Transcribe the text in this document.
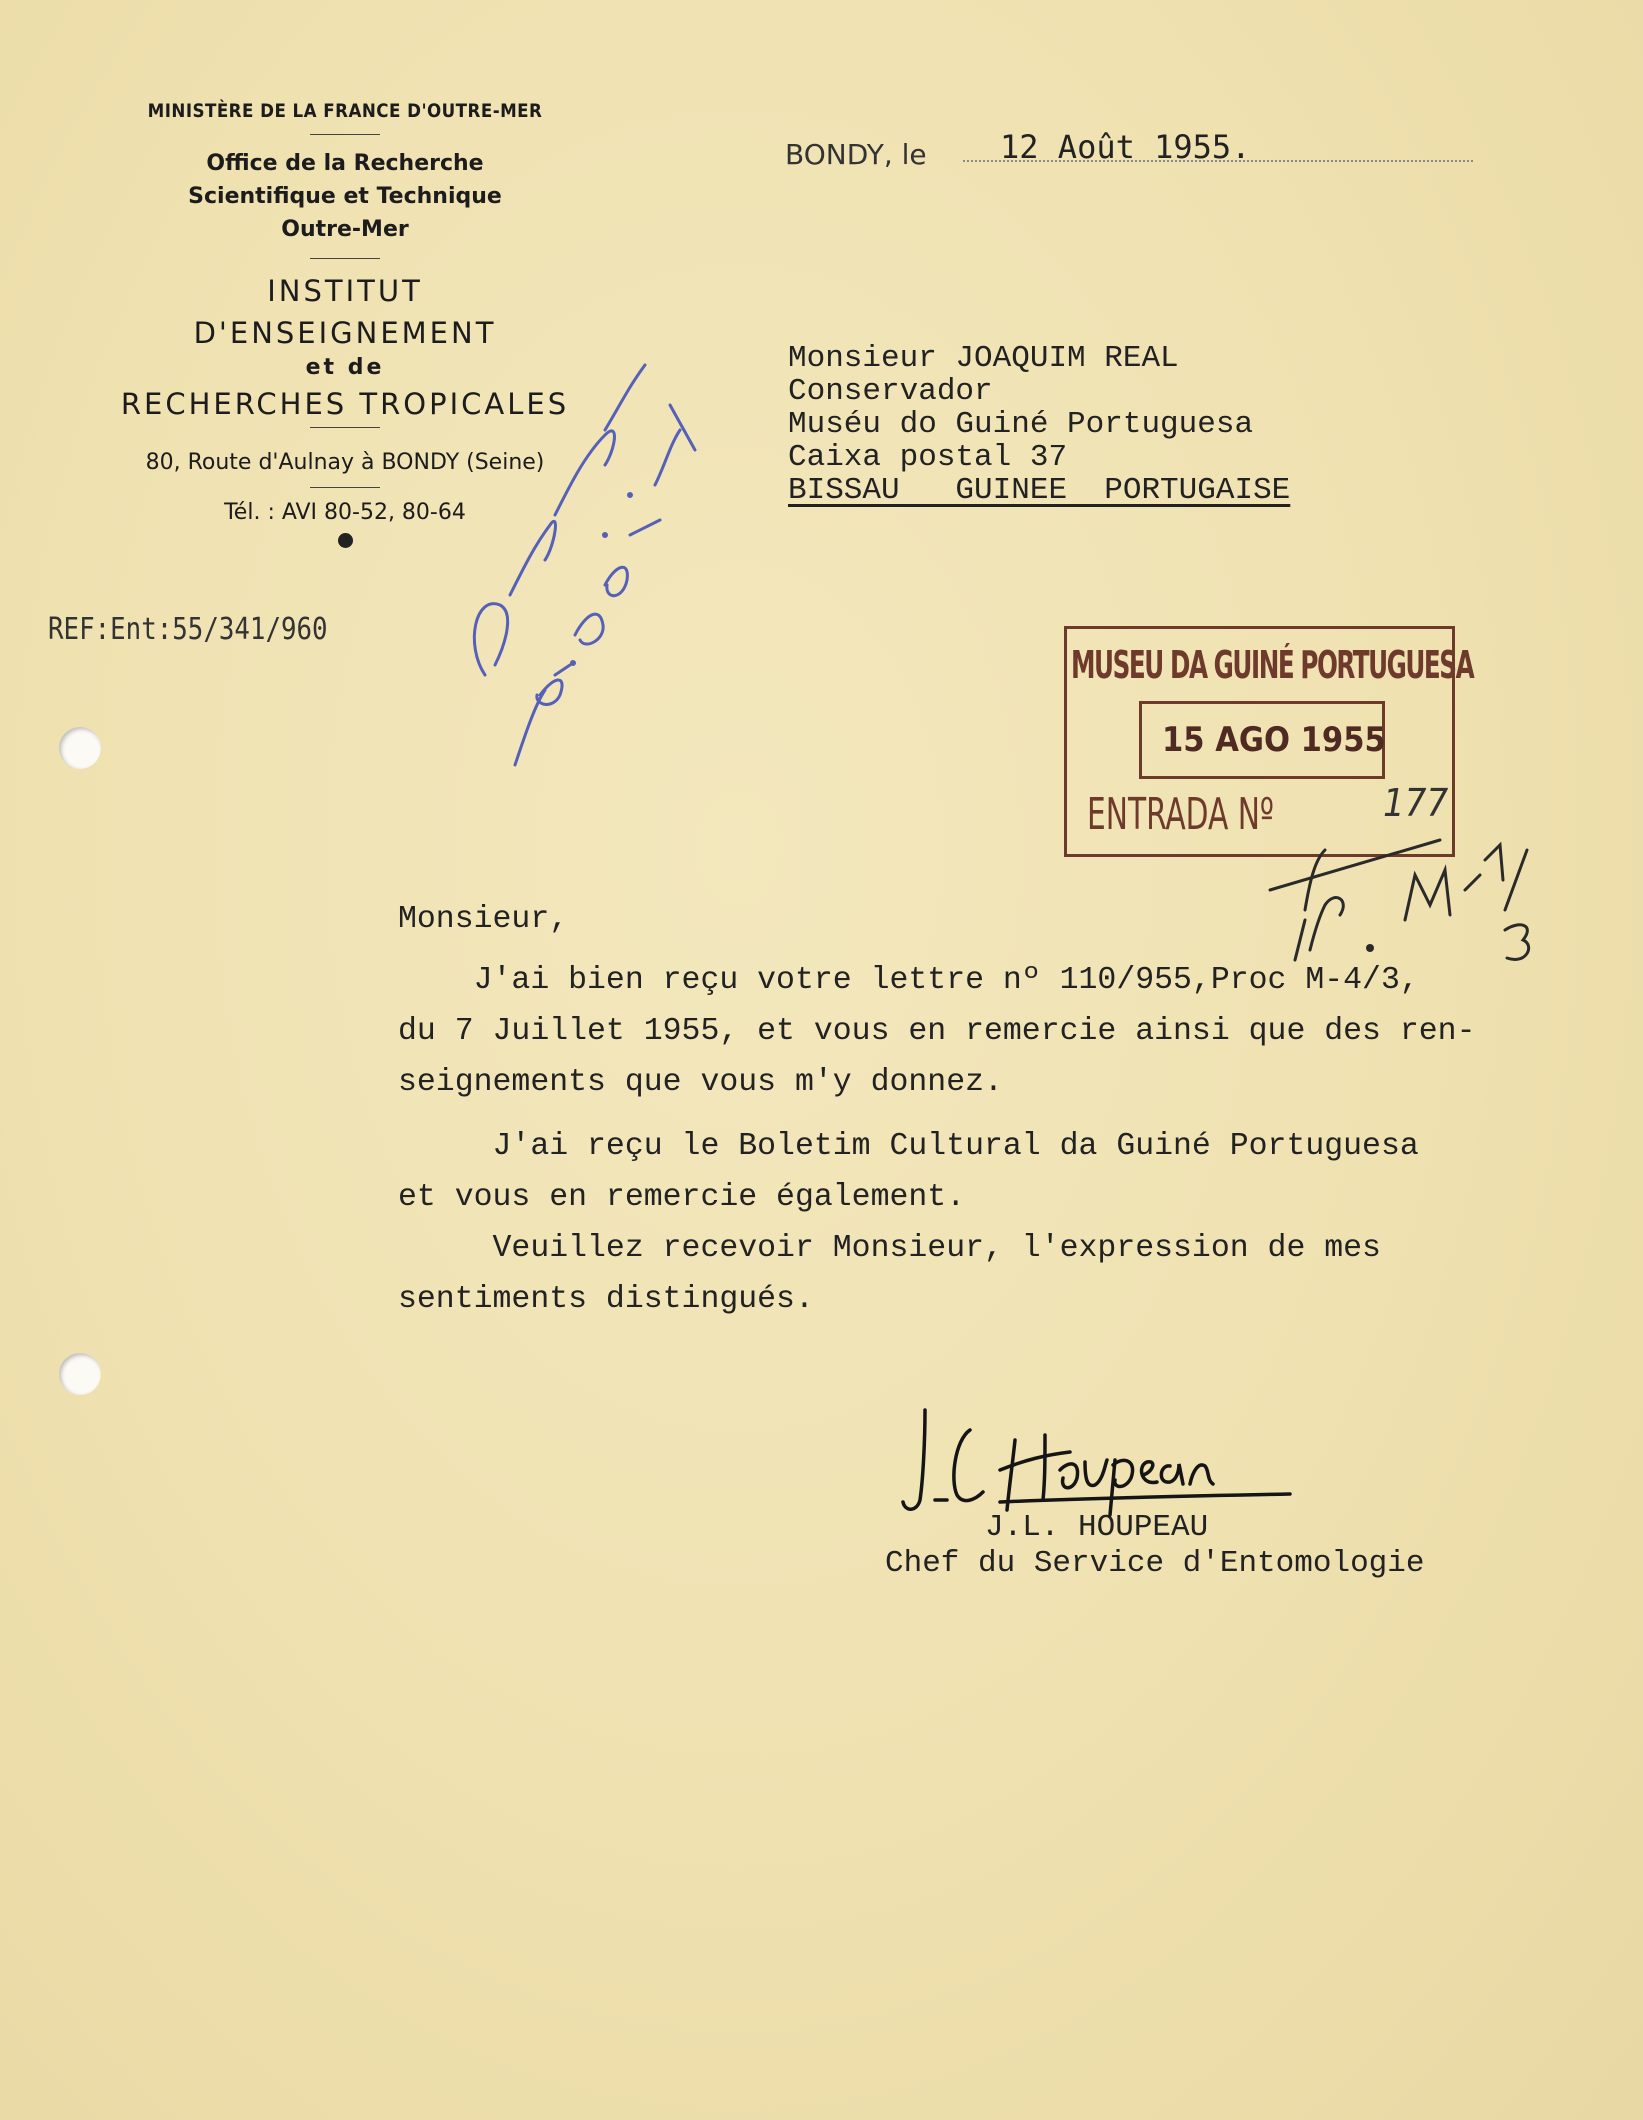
MINISTÈRE DE LA FRANCE D'OUTRE-MER
Office de la Recherche
Scientifique et Technique
Outre-Mer
INSTITUT
D'ENSEIGNEMENT
et de
RECHERCHES TROPICALES
80, Route d'Aulnay à BONDY (Seine)
Tél. : AVI 80-52, 80-64
REF:Ent:55/341/960
BONDY, le 12 Août 1955.
Monsieur JOAQUIM REAL
Conservador
Muséu do Guiné Portuguesa
Caixa postal 37
BISSAU   GUINEE  PORTUGAISE
MUSEU DA GUINÉ PORTUGUESA
15 AGO 1955
ENTRADA Nº	177

Monsieur,

J'ai bien reçu votre lettre nº 110/955,Proc M-4/3,

du 7 Juillet 1955, et vous en remercie ainsi que des ren-

seignements que vous m'y donnez.

J'ai reçu le Boletim Cultural da Guiné Portuguesa

et vous en remercie également.

Veuillez recevoir Monsieur, l'expression de mes

sentiments distingués.

J.L. HOUPEAU
Chef du Service d'Entomologie
